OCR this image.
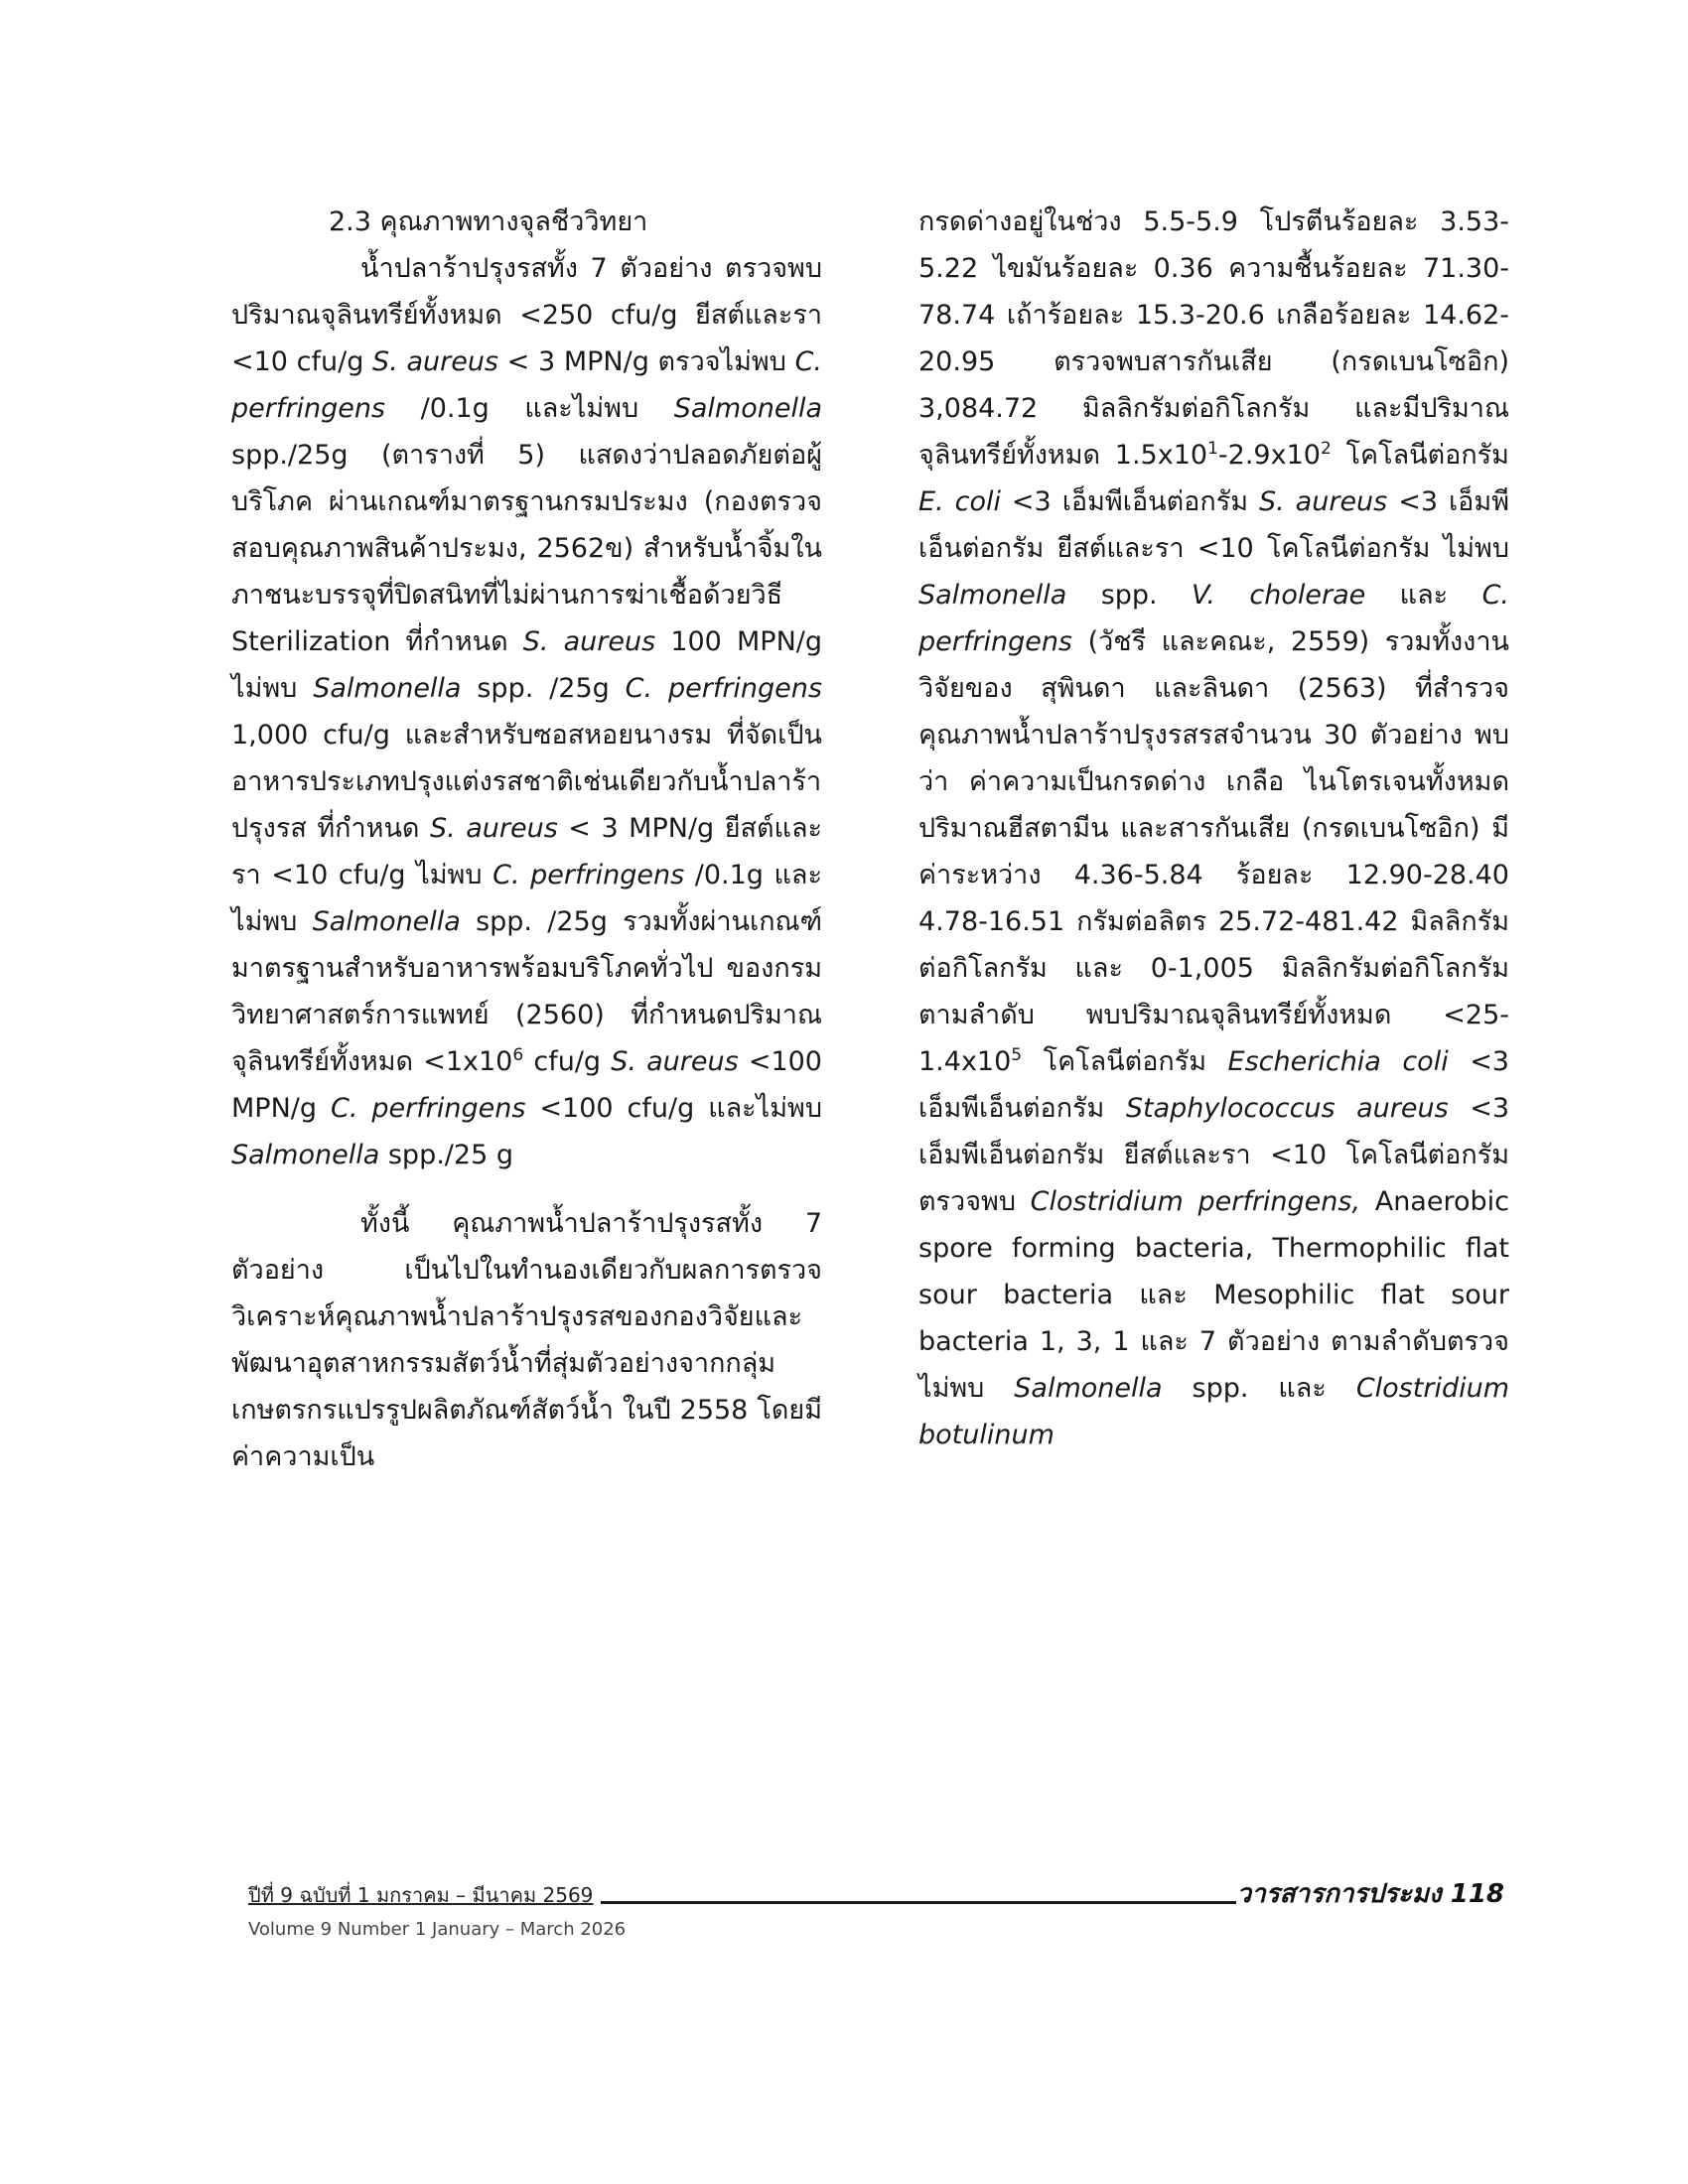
2.3 คุณภาพทางจุลชีววิทยา

น้ำปลาร้าปรุงรสทั้ง 7 ตัวอย่าง ตรวจพบปริมาณจุลินทรีย์ทั้งหมด <250 cfu/g ยีสต์และรา <10 cfu/g S. aureus < 3 MPN/g ตรวจไม่พบ C. perfringens /0.1g และไม่พบ Salmonella spp./25g (ตารางที่ 5) แสดงว่าปลอดภัยต่อผู้บริโภค ผ่านเกณฑ์มาตรฐานกรมประมง (กองตรวจสอบคุณภาพสินค้าประมง, 2562ข) สำหรับน้ำจิ้มในภาชนะบรรจุที่ปิดสนิทที่ไม่ผ่านการฆ่าเชื้อด้วยวิธี Sterilization ที่กำหนด S. aureus 100 MPN/g ไม่พบ Salmonella spp. /25g C. perfringens 1,000 cfu/g และสำหรับซอสหอยนางรม ที่จัดเป็นอาหารประเภทปรุงแต่งรสชาติเช่นเดียวกับน้ำปลาร้าปรุงรส ที่กำหนด S. aureus < 3 MPN/g ยีสต์และรา <10 cfu/g ไม่พบ C. perfringens /0.1g และไม่พบ Salmonella spp. /25g รวมทั้งผ่านเกณฑ์มาตรฐานสำหรับอาหารพร้อมบริโภคทั่วไป ของกรมวิทยาศาสตร์การแพทย์ (2560) ที่กำหนดปริมาณจุลินทรีย์ทั้งหมด $<1x10^6$ cfu/g S. aureus <100 MPN/g C. perfringens <100 cfu/g และไม่พบ Salmonella spp./25 g

ทั้งนี้ คุณภาพน้ำปลาร้าปรุงรสทั้ง 7 ตัวอย่าง เป็นไปในทำนองเดียวกับผลการตรวจวิเคราะห์คุณภาพน้ำปลาร้าปรุงรสของกองวิจัยและพัฒนาอุตสาหกรรมสัตว์น้ำที่สุ่มตัวอย่างจากกลุ่มเกษตรกรแปรรูปผลิตภัณฑ์สัตว์น้ำ ในปี 2558 โดยมีค่าความเป็น

กรดด่างอยู่ในช่วง 5.5-5.9 โปรตีนร้อยละ 3.53-5.22 ไขมันร้อยละ 0.36 ความชื้นร้อยละ 71.30-78.74 เถ้าร้อยละ 15.3-20.6 เกลือร้อยละ 14.62-20.95 ตรวจพบสารกันเสีย (กรดเบนโซอิก) 3,084.72 มิลลิกรัมต่อกิโลกรัม และมีปริมาณจุลินทรีย์ทั้งหมด $1.5x10^1-2.9x10^2$ โคโลนีต่อกรัม E. coli <3 เอ็มพีเอ็นต่อกรัม S. aureus <3 เอ็มพีเอ็นต่อกรัม ยีสต์และรา <10 โคโลนีต่อกรัม ไม่พบ Salmonella spp. V. cholerae และ C. perfringens (วัชรี และคณะ, 2559) รวมทั้งงานวิจัยของ สุพินดา และลินดา (2563) ที่สำรวจคุณภาพน้ำปลาร้าปรุงรสรสจำนวน 30 ตัวอย่าง พบว่า ค่าความเป็นกรดด่าง เกลือ ไนโตรเจนทั้งหมด ปริมาณฮีสตามีน และสารกันเสีย (กรดเบนโซอิก) มีค่าระหว่าง 4.36-5.84 ร้อยละ 12.90-28.40 4.78-16.51 กรัมต่อลิตร 25.72-481.42 มิลลิกรัมต่อกิโลกรัม และ 0-1,005 มิลลิกรัมต่อกิโลกรัม ตามลำดับ พบปริมาณจุลินทรีย์ทั้งหมด $<25-1.4x10^5$ โคโลนีต่อกรัม Escherichia coli <3 เอ็มพีเอ็นต่อกรัม Staphylococcus aureus <3 เอ็มพีเอ็นต่อกรัม ยีสต์และรา <10 โคโลนีต่อกรัม ตรวจพบ Clostridium perfringens, Anaerobic spore forming bacteria, Thermophilic flat sour bacteria และ Mesophilic flat sour bacteria 1, 3, 1 และ 7 ตัวอย่าง ตามลำดับตรวจไม่พบ Salmonella spp. และ Clostridium botulinum

ปีที่ 9 ฉบับที่ 1 มกราคม – มีนาคม 2569	วารสารการประมง 118
Volume 9 Number 1 January – March 2026
